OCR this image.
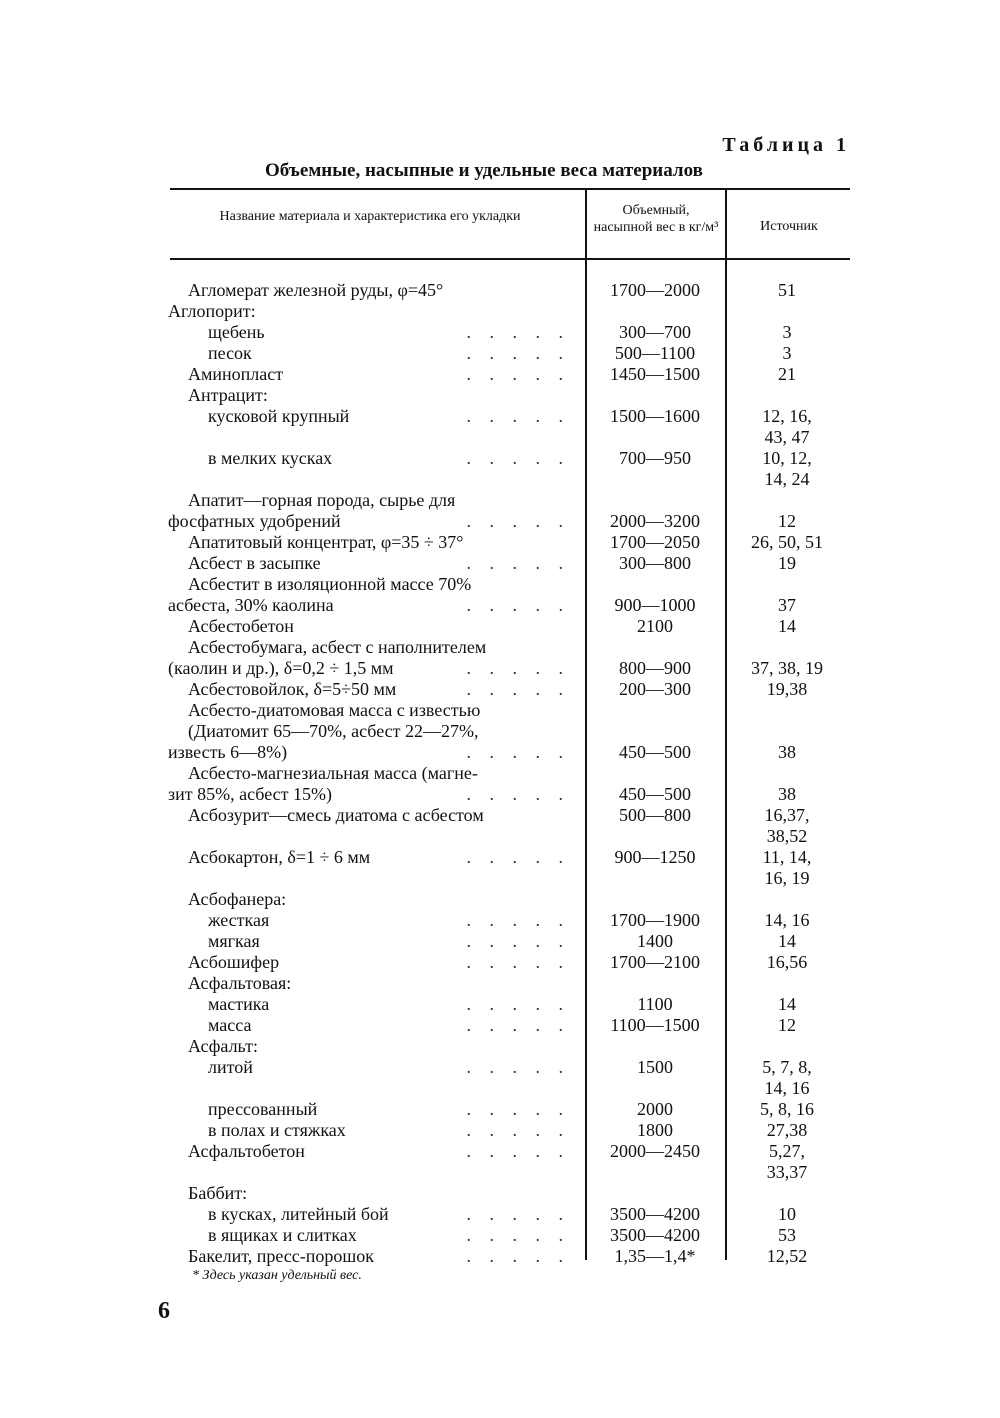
Таблица 1
Объемные, насыпные и удельные веса материалов
Название материала и характеристика его укладки	Объемный, насыпной вес в кг/м³	Источник
Агломерат железной руды, φ=45°	1700—2000	51
Аглопорит:
щебень	. . . . .	300—700	3
песок	. . . . .	500—1100	3
Аминопласт	. . . . .	1450—1500	21
Антрацит:
кусковой крупный	. . . . .	1500—1600	12, 16,
43, 47
в мелких кусках	. . . . .	700—950	10, 12,
14, 24
Апатит—горная порода, сырье для
фосфатных удобрений	. . . . .	2000—3200	12
Апатитовый концентрат, φ=35 ÷ 37°	1700—2050	26, 50, 51
Асбест в засыпке	. . . . .	300—800	19
Асбестит в изоляционной массе 70%
асбеста, 30% каолина	. . . . .	900—1000	37
Асбестобетон	2100	14
Асбестобумага, асбест с наполнителем
(каолин и др.), δ=0,2 ÷ 1,5 мм	. . . . .	800—900	37, 38, 19
Асбестовойлок, δ=5÷50 мм	. . . . .	200—300	19,38
Асбесто-диатомовая масса с известью
(Диатомит 65—70%, асбест 22—27%,
известь 6—8%)	. . . . .	450—500	38
Асбесто-магнезиальная масса (магне-
зит 85%, асбест 15%)	. . . . .	450—500	38
Асбозурит—смесь диатома с асбестом	500—800	16,37,
38,52
Асбокартон, δ=1 ÷ 6 мм	. . . . .	900—1250	11, 14,
16, 19
Асбофанера:
жесткая	. . . . .	1700—1900	14, 16
мягкая	. . . . .	1400	14
Асбошифер	. . . . .	1700—2100	16,56
Асфальтовая:
мастика	. . . . .	1100	14
масса	. . . . .	1100—1500	12
Асфальт:
литой	. . . . .	1500	5, 7, 8,
14, 16
прессованный	. . . . .	2000	5, 8, 16
в полах и стяжках	. . . . .	1800	27,38
Асфальтобетон	. . . . .	2000—2450	5,27,
33,37
Баббит:
в кусках, литейный бой	. . . . .	3500—4200	10
в ящиках и слитках	. . . . .	3500—4200	53
Бакелит, пресс-порошок	. . . . .	1,35—1,4*	12,52
* Здесь указан удельный вес.
6
